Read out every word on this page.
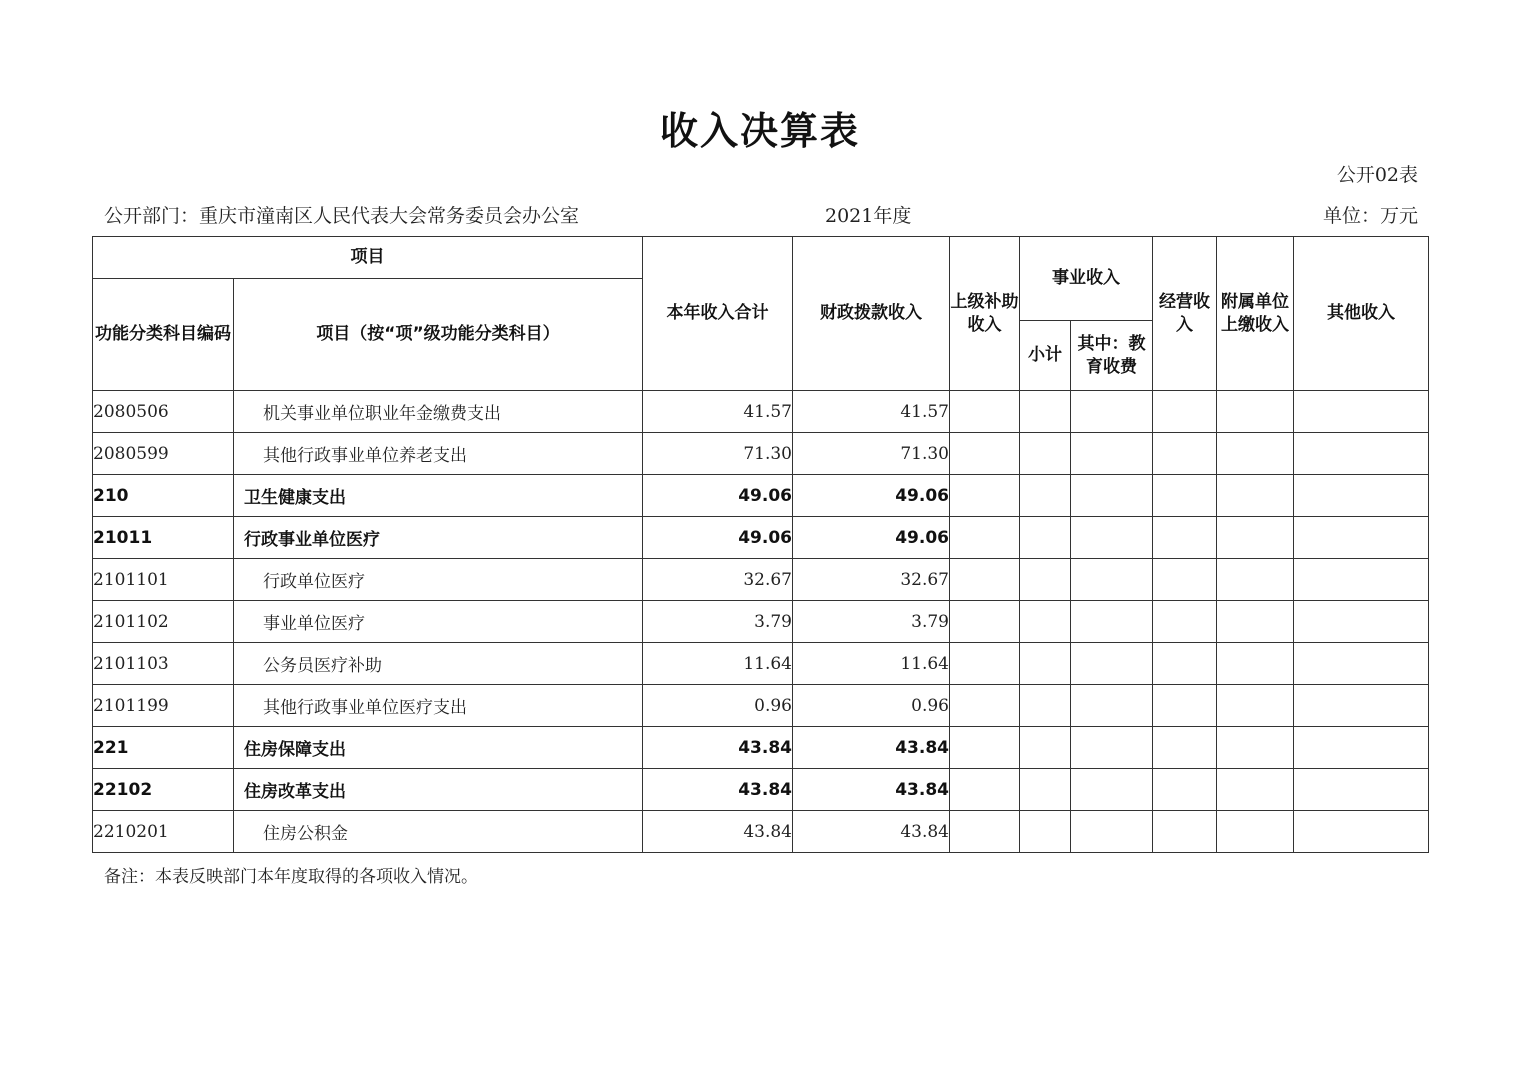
收入决算表
公开02表
公开部门：重庆市潼南区人民代表大会常务委员会办公室	2021年度	单位：万元
项目		本年收入合计	财政拨款收入	上级补助收入	事业收入		经营收入	附属单位上缴收入	其他收入
功能分类科目编码	项目（按“项”级功能分类科目）								
					小计	其中：教育收费			
2080506	机关事业单位职业年金缴费支出	41.57	41.57						
2080599	其他行政事业单位养老支出	71.30	71.30						
210	卫生健康支出	49.06	49.06						
21011	行政事业单位医疗	49.06	49.06						
2101101	行政单位医疗	32.67	32.67						
2101102	事业单位医疗	3.79	3.79						
2101103	公务员医疗补助	11.64	11.64						
2101199	其他行政事业单位医疗支出	0.96	0.96						
221	住房保障支出	43.84	43.84						
22102	住房改革支出	43.84	43.84						
2210201	住房公积金	43.84	43.84						
备注：本表反映部门本年度取得的各项收入情况。
